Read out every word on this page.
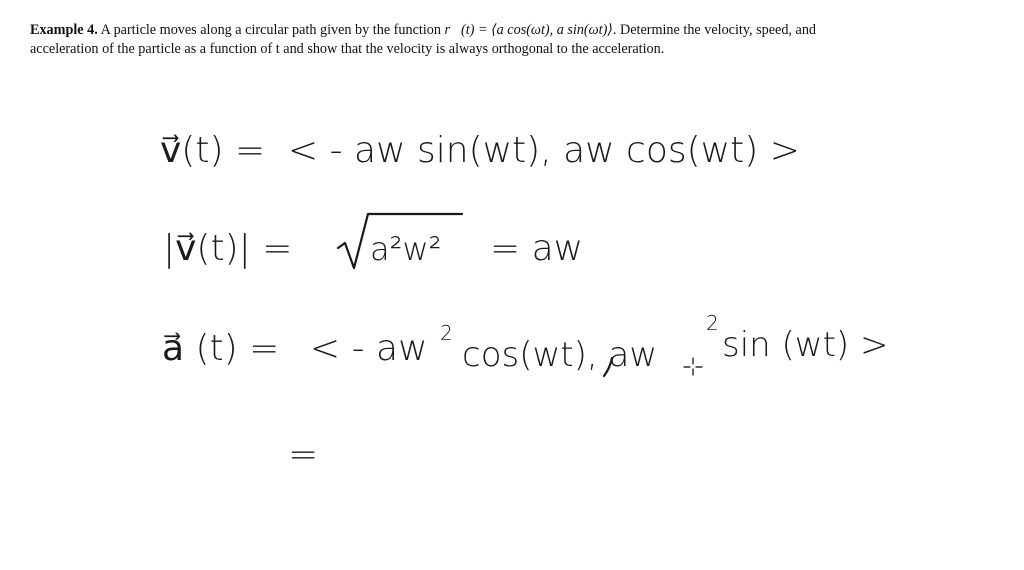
Example 4. A particle moves along a circular path given by the function r⃗(t) = ⟨a cos(ωt), a sin(ωt)⟩. Determine the velocity, speed, and acceleration of the particle as a function of t and show that the velocity is always orthogonal to the acceleration.
v⃗(t) = < - aw sin(wt), aw cos(wt) >
|v⃗(t)| = a²w² = aw
a⃗ (t) = < - aw 2
cos(wt), aw
2
sin (wt) >
=
